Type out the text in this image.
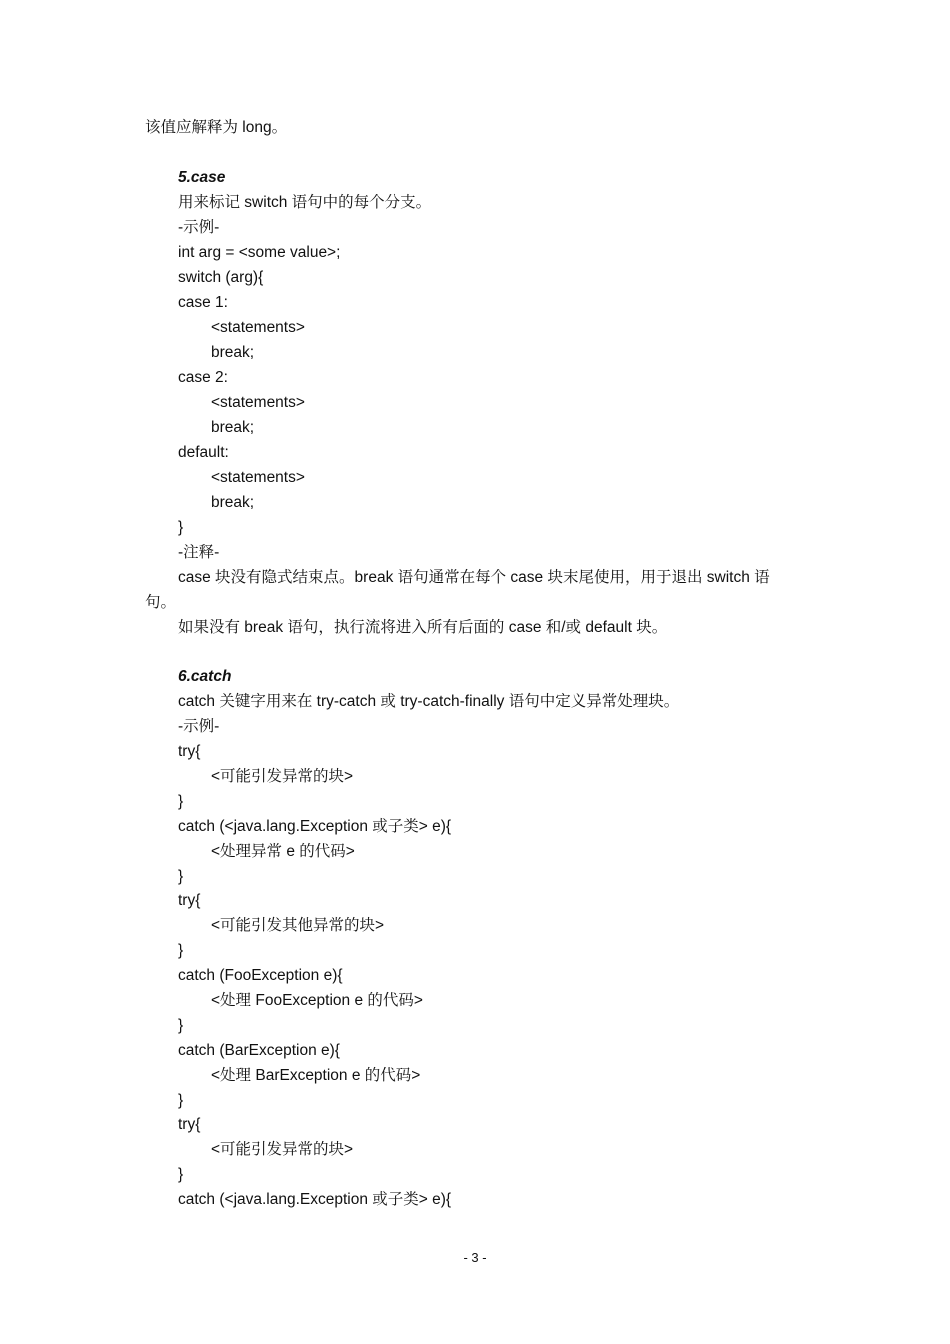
该值应解释为 long。
5.case
用来标记 switch 语句中的每个分支。
-示例-
int arg = <some value>;
switch (arg){
case 1:
<statements>
break;
case 2:
<statements>
break;
default:
<statements>
break;
}
-注释-
case 块没有隐式结束点。break 语句通常在每个 case 块末尾使用，用于退出 switch 语
句。
如果没有 break 语句，执行流将进入所有后面的 case 和/或 default 块。
6.catch
catch 关键字用来在 try-catch 或 try-catch-finally 语句中定义异常处理块。
-示例-
try{
<可能引发异常的块>
}
catch (<java.lang.Exception 或子类> e){
<处理异常 e 的代码>
}
try{
<可能引发其他异常的块>
}
catch (FooException e){
<处理 FooException e 的代码>
}
catch (BarException e){
<处理 BarException e 的代码>
}
try{
<可能引发异常的块>
}
catch (<java.lang.Exception 或子类> e){
- 3 -
